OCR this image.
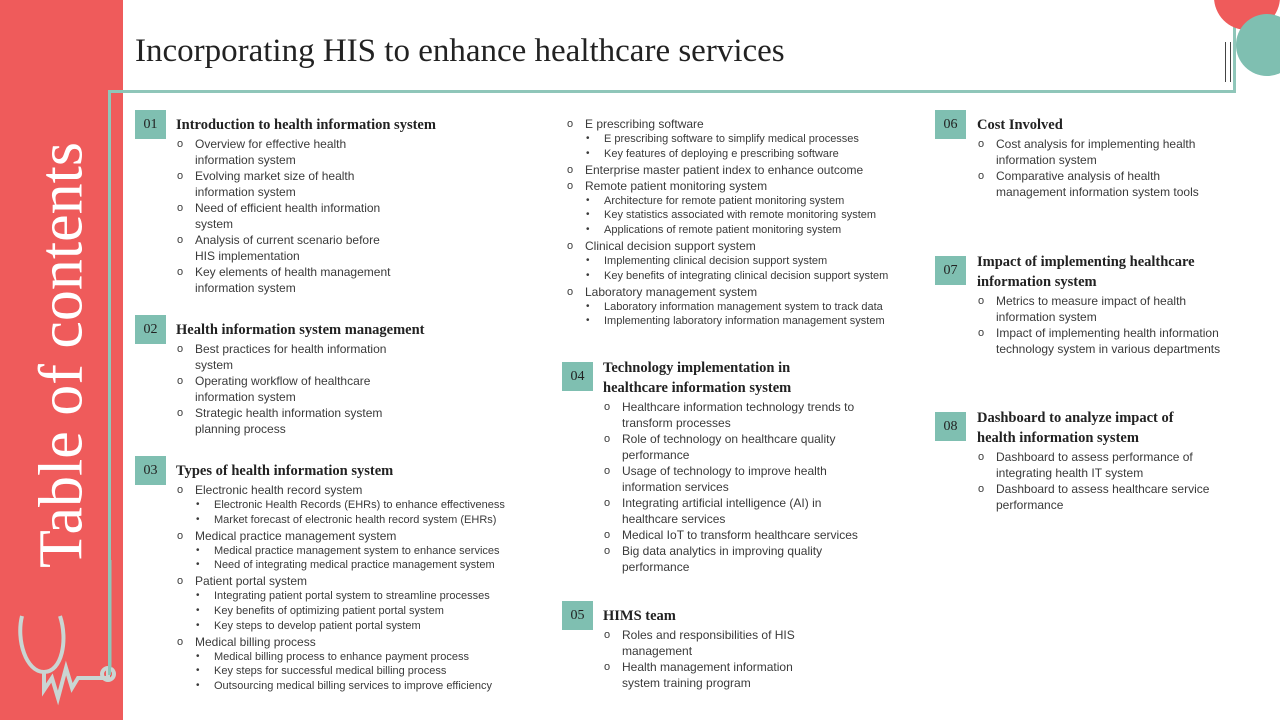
Table of contents
Incorporating HIS to enhance healthcare services
01
02
03
04
05
06
07
08
Introduction to health information system
o Overview for effective health information system
o Evolving market size of health information system
o Need of efficient health information system
o Analysis of current scenario before HIS implementation
o Key elements of health management information system
Health information system management
o Best practices for health information system
o Operating workflow of healthcare information system
o Strategic health information system planning process
Types of health information system
o Electronic health record system
• Electronic Health Records (EHRs) to enhance effectiveness
• Market forecast of electronic health record system (EHRs)
o Medical practice management system
• Medical practice management system to enhance services
• Need of integrating medical practice management system
o Patient portal system
• Integrating patient portal system to streamline processes
• Key benefits of optimizing patient portal system
• Key steps to develop patient portal system
o Medical billing process
• Medical billing process to enhance payment process
• Key steps for successful medical billing process
• Outsourcing medical billing services to improve efficiency
o E prescribing software
• E prescribing software to simplify medical processes
• Key features of deploying e prescribing software
o Enterprise master patient index to enhance outcome
o Remote patient monitoring system
• Architecture for remote patient monitoring system
• Key statistics associated with remote monitoring system
• Applications of remote patient monitoring system
o Clinical decision support system
• Implementing clinical decision support system
• Key benefits of integrating clinical decision support system
o Laboratory management system
• Laboratory information management system to track data
• Implementing laboratory information management system
Technology implementation in healthcare information system
o Healthcare information technology trends to transform processes
o Role of technology on healthcare quality performance
o Usage of technology to improve health information services
o Integrating artificial intelligence (AI) in healthcare services
o Medical IoT to transform healthcare services
o Big data analytics in improving quality performance
HIMS team
o Roles and responsibilities of HIS management
o Health management information system training program
Cost Involved
o Cost analysis for implementing health information system
o Comparative analysis of health management information system tools
Impact of implementing healthcare information system
o Metrics to measure impact of health information system
o Impact of implementing health information technology system in various departments
Dashboard to analyze impact of health information system
o Dashboard to assess performance of integrating health IT system
o Dashboard to assess healthcare service performance
